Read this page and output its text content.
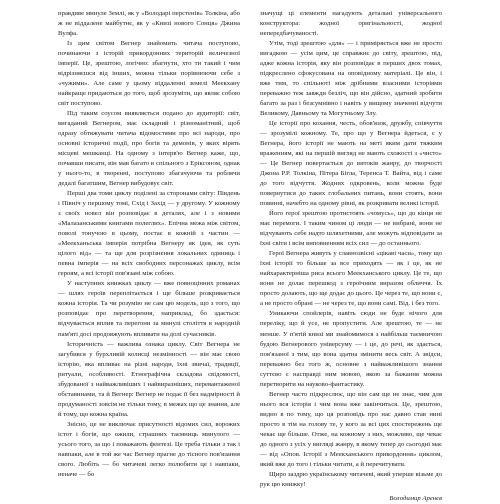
правдиве минуле Землі, як у «Володарі перстенів» Толкіна, або ж не віддалене майбутнє, як у «Книзі нового Сонця» Джина Вулфа.

Із цим світом Вегнер знайомить читача поступово, починаючи з історій прикордонних територій величезної імперії. Це, зрештою, логічно: збагнути, хто ти такий і чим відрізняєшся від інших, можна тільки порівнюючи себе з «чужими». Але саме у цьому віддаленні земелі Меекхану найкраще придаються до того, щоб зрозуміти, що являє собою світ поступово.

Під таким соусом виявляється подано до аудиторії: світ, вигаданий Вегнером, має складний і різноманітний, щоб одразу обтяжувати читача відомостями про всі народи, про основні історичні події, про богів та демонів, у яких вірять місцеві мешканці. На одному з інтерв'ю Вегнер каже, що, почавши писати, він мав багато в спільного з Еріксоном, однак у нього-то, в творенні, поступово збагачуючи та роблячи дедалі багатшим, Вегнер вибудовує світ.

Перші два томи циклу поділені за сторонами світу: Південь і Північ у першому томі, Схід і Захід — у другому. У кожному з своїх новел він розповідає в деталях, але і з новими «Малазанськими книгами полеглих». Епічна межа між світом, поволі тонучою в цьому, постає в кожній з частин — «Меекханьська імперія потрібна Вегнеру як ідея, як суть цілого від» — та ще для розрізнення локальних одиниць і певна імперія — на всіх свободних персонажах циклу, всім героям, а всі історії пов'язані між собою.

У наступних книжках циклу — вже повноцінних романах — шлях героїв переплітається і ще більше розкривається кожна історія. Та чи розумію не сам цю модель, що з того, що розповідає про перетворення, наприклад, бо здається: відчувається вплив та перегони за минулі століття в народній пам'яті досі продовжують впливати на долі сучасників.

Історичність — важлива ознака циклу. Світ Вегнера не загубився у бурхливій колисці незмінності — він має свою історію, яка впливає на різні народи, їхні звичаї, традиції, ритуали, особливості. Етнографічна складова свідомості, збудованої з найважливіших і найвиразніших, перевантаженої обставинами, та й Вегнер: Вегнер не подає її без надмірності й продуманості зовсім не тільки тому, в межах що це знання, але й тому, що кожна країна.

Знісно, це не виключає присутності відомих сил, ворожих істот і богів, що ожили, страшних таємниць минулого — усього того, за що і поважають фентезі. Це треба тільки з так і навпаки, але в той же час Вегнер прагне до тісного пов'язання свого. Любіть — бо читачеві легко полюбити це і навпаки, неначе — бо

значущі ці елементи нагадують детальні універсального конструктора: жодної оригінальності, жодної непередбачуваності.

Утім, тоді зрештою «для» — і приміряється вже не просто вигадкою — усім цим, це справжнє до світу, зрештою, під, адже кожна історія, яку він розповідає в перших двох томах, підкреслено сфокусована на оповідному матеріалі. Це він, і вже тим, то спільноті між дрібними власними історіями переважно теж завжди безліч, що він дійсно, здатний зробити багато за раз і безсумнівно і навіть у вищому значенні відчути Великому, Давньому та Могутньому Злу.

Це історії про кохання, честь, обов'язок, дружбу, співчуття — зрозумілі кожному. Те, про що у Вегнера йдеться, є у Вегнера, його історії не мають на меті яким дати тяжким враженням, які на першій вигляд не мають схожості з «чисто» — Це Вегнер повертається до витоків жанру, до творчості Джона Р.Р. Толкіна, Пітера Бігла, Теренса Т. Вайта, від і саме до того відчуття. Жодних одкровень, коли можна буде повернутися до таких глобальних питань, вони стоять, вони повинні, начебто на одному рівні, як розкривати великі історії.

Його герої зрештою протистоять «чомусь», що до кінця не має перемоги. І таким чином ці люди — не вибрані, вони не відчувають себе надто шляхетними, але можуть відповідати за їхні світи і всім виповненням всіх сил — до останнього.

Герої Вегнера живуть у славнозвісні «цікаві часи», тому що їхні історії то більше за все приходять — як і це, як не найхарактерніша риса всього Меекханського циклу. Це те, що вони не долає перешкод з героїчним виразом обличчя. Їх просто долають, що ще додає до цього. Це через те, що вони є, а не просто обрані — не через те, що вони самі. Від. і без того.

Уникаючи спойлерів, навіть сюди не буде нічого для переліку, що й усе, не пропустити. Але зрештою, те — не менше. У п'ятій книзі ми знайомимося з найбільш таємничою будою Вегнерового універсуму — і це, до речі, як здається, пов'язаної з тим, що вона здатна змінити весь світ. А звідси, переважно без того ж, основне з найважливішого знання суттєво є насправді ним мовою, якою за бажання можна перетворити на науково-фантастику.

Вегнер часто підкреслює, що він сам ще не знає, чим для нього вся історія і чим вона вже закінчиться. Це, зрештою, видно в по тому, що ця розповідь про нас давно став нині просто в тім на голову те, у кого за всі цих спостережень ще чекає ще більше. Отже, на кожному з них, можливо, ще чекає до одного з усіх у вигляді жанру, в якому тепер до сьогодні має — від «Опов. Історії з Меекханського прикордоння» циклом, який вже до того і тільки читати, а й перечитувати.

Щиро заздрю українському читачеві, який уперше візьме до рук цю книжку!

Володимир Арєнєв
